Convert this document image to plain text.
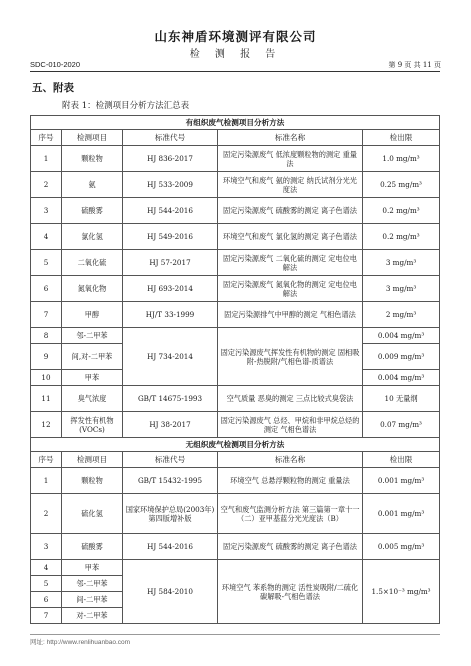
山东神盾环境测评有限公司
检 测 报 告
SDC-010-2020	第 9 页 共 11 页
五、附表
附表 1：检测项目分析方法汇总表
有组织废气检测项目分析方法				
序号	检测项目	标准代号	标准名称	检出限
1	颗粒物	HJ 836-2017	固定污染源废气 低浓度颗粒物的测定 重量法	1.0 mg/m³
2	氨	HJ 533-2009	环境空气和废气 氨的测定 纳氏试剂分光光度法	0.25 mg/m³
3	硫酸雾	HJ 544-2016	固定污染源废气 硫酸雾的测定 离子色谱法	0.2 mg/m³
4	氯化氢	HJ 549-2016	环境空气和废气 氯化氢的测定 离子色谱法	0.2 mg/m³
5	二氧化硫	HJ 57-2017	固定污染源废气 二氧化硫的测定 定电位电解法	3 mg/m³
6	氮氧化物	HJ 693-2014	固定污染源废气 氮氧化物的测定 定电位电解法	3 mg/m³
7	甲醇	HJ/T 33-1999	固定污染源排气中甲醇的测定 气相色谱法	2 mg/m³
8	邻-二甲苯	HJ 734-2014	固定污染源废气挥发性有机物的测定 固相吸附-热脱附/气相色谱-质谱法	0.004 mg/m³
9	间,对-二甲苯			0.009 mg/m³
10	甲苯			0.004 mg/m³
11	臭气浓度	GB/T 14675-1993	空气质量 恶臭的测定 三点比较式臭袋法	10 无量纲
12	挥发性有机物(VOCs)	HJ 38-2017	固定污染源废气 总烃、甲烷和非甲烷总烃的测定 气相色谱法	0.07 mg/m³
无组织废气检测项目分析方法				
序号	检测项目	标准代号	标准名称	检出限
1	颗粒物	GB/T 15432-1995	环境空气 总悬浮颗粒物的测定 重量法	0.001 mg/m³
2	硫化氢	国家环境保护总局(2003年)第四版增补版	空气和废气监测分析方法 第三篇第一章十一（二）亚甲基蓝分光光度法（B）	0.001 mg/m³
3	硫酸雾	HJ 544-2016	固定污染源废气 硫酸雾的测定 离子色谱法	0.005 mg/m³
4	甲苯	HJ 584-2010	环境空气 苯系物的测定 活性炭吸附/二硫化碳解吸-气相色谱法	1.5×10⁻³ mg/m³
5	邻-二甲苯			
6	间-二甲苯			
7	对-二甲苯			
网址: http://www.renlihuanbao.com
